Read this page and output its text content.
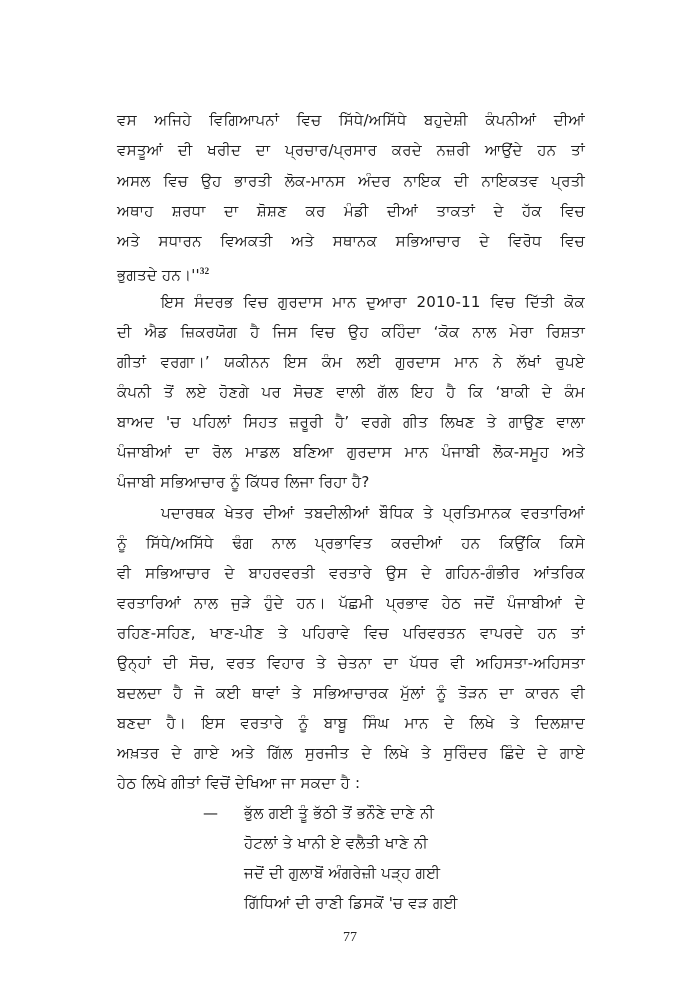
ਵਸ ਅਜਿਹੇ ਵਿਗਿਆਪਨਾਂ ਵਿਚ ਸਿੱਧੇ/ਅਸਿੱਧੇ ਬਹੁਦੇਸ਼ੀ ਕੰਪਨੀਆਂ ਦੀਆਂ
ਵਸਤੂਆਂ ਦੀ ਖਰੀਦ ਦਾ ਪ੍ਰਚਾਰ/ਪ੍ਰਸਾਰ ਕਰਦੇ ਨਜ਼ਰੀ ਆਉਂਦੇ ਹਨ ਤਾਂ
ਅਸਲ ਵਿਚ ਉਹ ਭਾਰਤੀ ਲੋਕ-ਮਾਨਸ ਅੰਦਰ ਨਾਇਕ ਦੀ ਨਾਇਕਤਵ ਪ੍ਰਤੀ
ਅਥਾਹ ਸ਼ਰਧਾ ਦਾ ਸ਼ੋਸ਼ਣ ਕਰ ਮੰਡੀ ਦੀਆਂ ਤਾਕਤਾਂ ਦੇ ਹੱਕ ਵਿਚ
ਅਤੇ ਸਧਾਰਨ ਵਿਅਕਤੀ ਅਤੇ ਸਥਾਨਕ ਸਭਿਆਚਾਰ ਦੇ ਵਿਰੋਧ ਵਿਚ
ਭੁਗਤਦੇ $ਹਨ।''^{32}$
ਇਸ ਸੰਦਰਭ ਵਿਚ ਗੁਰਦਾਸ ਮਾਨ ਦੁਆਰਾ 2010-11 ਵਿਚ ਦਿੱਤੀ ਕੋਕ
ਦੀ ਐਡ ਜ਼ਿਕਰਯੋਗ ਹੈ ਜਿਸ ਵਿਚ ਉਹ ਕਹਿੰਦਾ ‘ਕੋਕ ਨਾਲ ਮੇਰਾ ਰਿਸ਼ਤਾ
ਗੀਤਾਂ ਵਰਗਾ।’ ਯਕੀਨਨ ਇਸ ਕੰਮ ਲਈ ਗੁਰਦਾਸ ਮਾਨ ਨੇ ਲੱਖਾਂ ਰੁਪਏ
ਕੰਪਨੀ ਤੋਂ ਲਏ ਹੋਣਗੇ ਪਰ ਸੋਚਣ ਵਾਲੀ ਗੱਲ ਇਹ ਹੈ ਕਿ ‘ਬਾਕੀ ਦੇ ਕੰਮ
ਬਾਅਦ 'ਚ ਪਹਿਲਾਂ ਸਿਹਤ ਜ਼ਰੂਰੀ ਹੈ’ ਵਰਗੇ ਗੀਤ ਲਿਖਣ ਤੇ ਗਾਉਣ ਵਾਲਾ
ਪੰਜਾਬੀਆਂ ਦਾ ਰੋਲ ਮਾਡਲ ਬਣਿਆ ਗੁਰਦਾਸ ਮਾਨ ਪੰਜਾਬੀ ਲੋਕ-ਸਮੂਹ ਅਤੇ
ਪੰਜਾਬੀ ਸਭਿਆਚਾਰ ਨੂੰ ਕਿੱਧਰ ਲਿਜਾ ਰਿਹਾ ਹੈ?
ਪਦਾਰਥਕ ਖੇਤਰ ਦੀਆਂ ਤਬਦੀਲੀਆਂ ਬੌਧਿਕ ਤੇ ਪ੍ਰਤਿਮਾਨਕ ਵਰਤਾਰਿਆਂ
ਨੂੰ ਸਿੱਧੇ/ਅਸਿੱਧੇ ਢੰਗ ਨਾਲ ਪ੍ਰਭਾਵਿਤ ਕਰਦੀਆਂ ਹਨ ਕਿਉਂਕਿ ਕਿਸੇ
ਵੀ ਸਭਿਆਚਾਰ ਦੇ ਬਾਹਰਵਰਤੀ ਵਰਤਾਰੇ ਉਸ ਦੇ ਗਹਿਨ-ਗੰਭੀਰ ਆਂਤਰਿਕ
ਵਰਤਾਰਿਆਂ ਨਾਲ ਜੁੜੇ ਹੁੰਦੇ ਹਨ। ਪੱਛਮੀ ਪ੍ਰਭਾਵ ਹੇਠ ਜਦੋਂ ਪੰਜਾਬੀਆਂ ਦੇ
ਰਹਿਣ-ਸਹਿਣ, ਖਾਣ-ਪੀਣ ਤੇ ਪਹਿਰਾਵੇ ਵਿਚ ਪਰਿਵਰਤਨ ਵਾਪਰਦੇ ਹਨ ਤਾਂ
ਉਨ੍ਹਾਂ ਦੀ ਸੋਚ, ਵਰਤ ਵਿਹਾਰ ਤੇ ਚੇਤਨਾ ਦਾ ਪੱਧਰ ਵੀ ਅਹਿਸਤਾ-ਅਹਿਸਤਾ
ਬਦਲਦਾ ਹੈ ਜੋ ਕਈ ਥਾਵਾਂ ਤੇ ਸਭਿਆਚਾਰਕ ਮੁੱਲਾਂ ਨੂੰ ਤੋੜਨ ਦਾ ਕਾਰਨ ਵੀ
ਬਣਦਾ ਹੈ। ਇਸ ਵਰਤਾਰੇ ਨੂੰ ਬਾਬੂ ਸਿੰਘ ਮਾਨ ਦੇ ਲਿਖੇ ਤੇ ਦਿਲਸ਼ਾਦ
ਅਖ਼ਤਰ ਦੇ ਗਾਏ ਅਤੇ ਗਿੱਲ ਸੁਰਜੀਤ ਦੇ ਲਿਖੇ ਤੇ ਸੁਰਿੰਦਰ ਛਿੰਦੇ ਦੇ ਗਾਏ
ਹੇਠ ਲਿਖੇ ਗੀਤਾਂ ਵਿਚੋਂ ਦੇਖਿਆ ਜਾ ਸਕਦਾ ਹੈ :
— ਭੁੱਲ ਗਈ ਤੂੰ ਭੱਠੀ ਤੋਂ ਭਨੌਣੇ ਦਾਣੇ ਨੀ
ਹੋਟਲਾਂ ਤੇ ਖਾਨੀ ਏ ਵਲੈਤੀ ਖਾਣੇ ਨੀ
ਜਦੋਂ ਦੀ ਗੁਲਾਬੋਂ ਅੰਗਰੇਜ਼ੀ ਪੜ੍ਹ ਗਈ
ਗਿੱਧਿਆਂ ਦੀ ਰਾਣੀ ਡਿਸਕੋਂ 'ਚ ਵੜ ਗਈ
77
